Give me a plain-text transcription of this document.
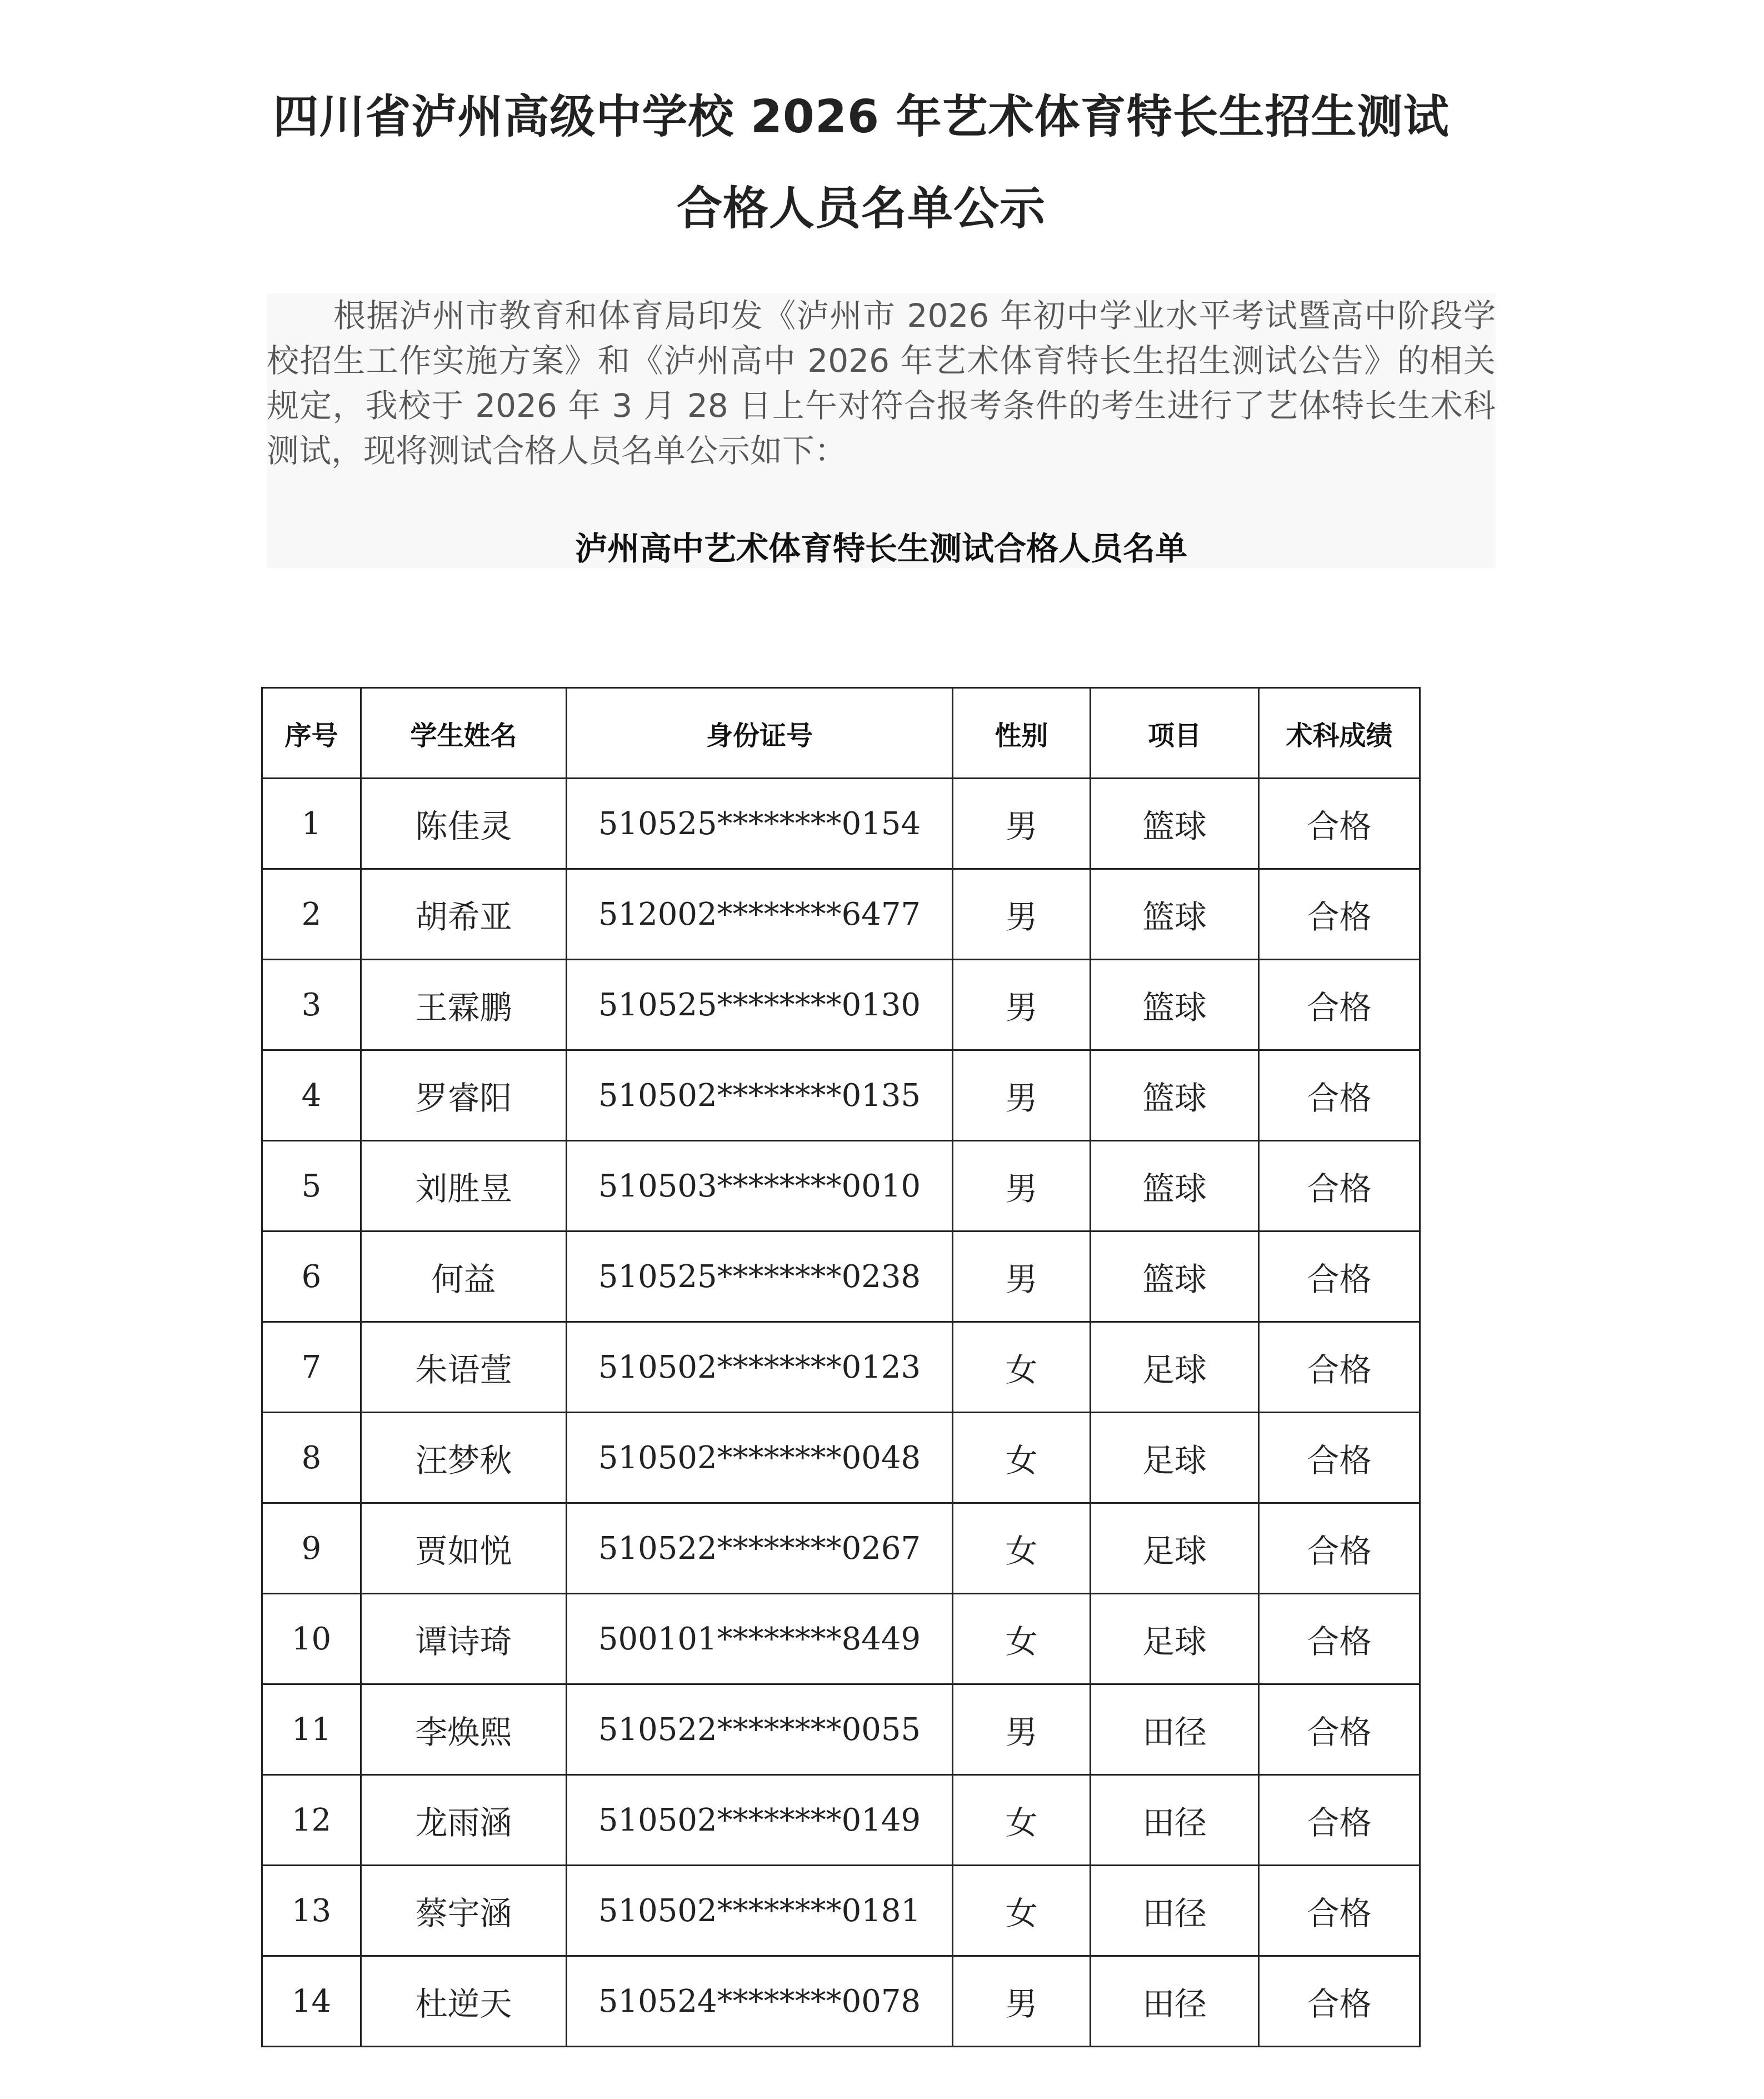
四川省泸州高级中学校 2026 年艺术体育特长生招生测试
合格人员名单公示

根据泸州市教育和体育局印发《泸州市 2026 年初中学业水平考试暨高中阶段学校招生工作实施方案》和《泸州高中 2026 年艺术体育特长生招生测试公告》的相关规定，我校于 2026 年 3 月 28 日上午对符合报考条件的考生进行了艺体特长生术科测试，现将测试合格人员名单公示如下：

泸州高中艺术体育特长生测试合格人员名单
序号	学生姓名	身份证号	性别	项目	术科成绩
1	陈佳灵	510525********0154	男	篮球	合格
2	胡希亚	512002********6477	男	篮球	合格
3	王霖鹏	510525********0130	男	篮球	合格
4	罗睿阳	510502********0135	男	篮球	合格
5	刘胜昱	510503********0010	男	篮球	合格
6	何益	510525********0238	男	篮球	合格
7	朱语萱	510502********0123	女	足球	合格
8	汪梦秋	510502********0048	女	足球	合格
9	贾如悦	510522********0267	女	足球	合格
10	谭诗琦	500101********8449	女	足球	合格
11	李焕熙	510522********0055	男	田径	合格
12	龙雨涵	510502********0149	女	田径	合格
13	蔡宇涵	510502********0181	女	田径	合格
14	杜逆天	510524********0078	男	田径	合格
